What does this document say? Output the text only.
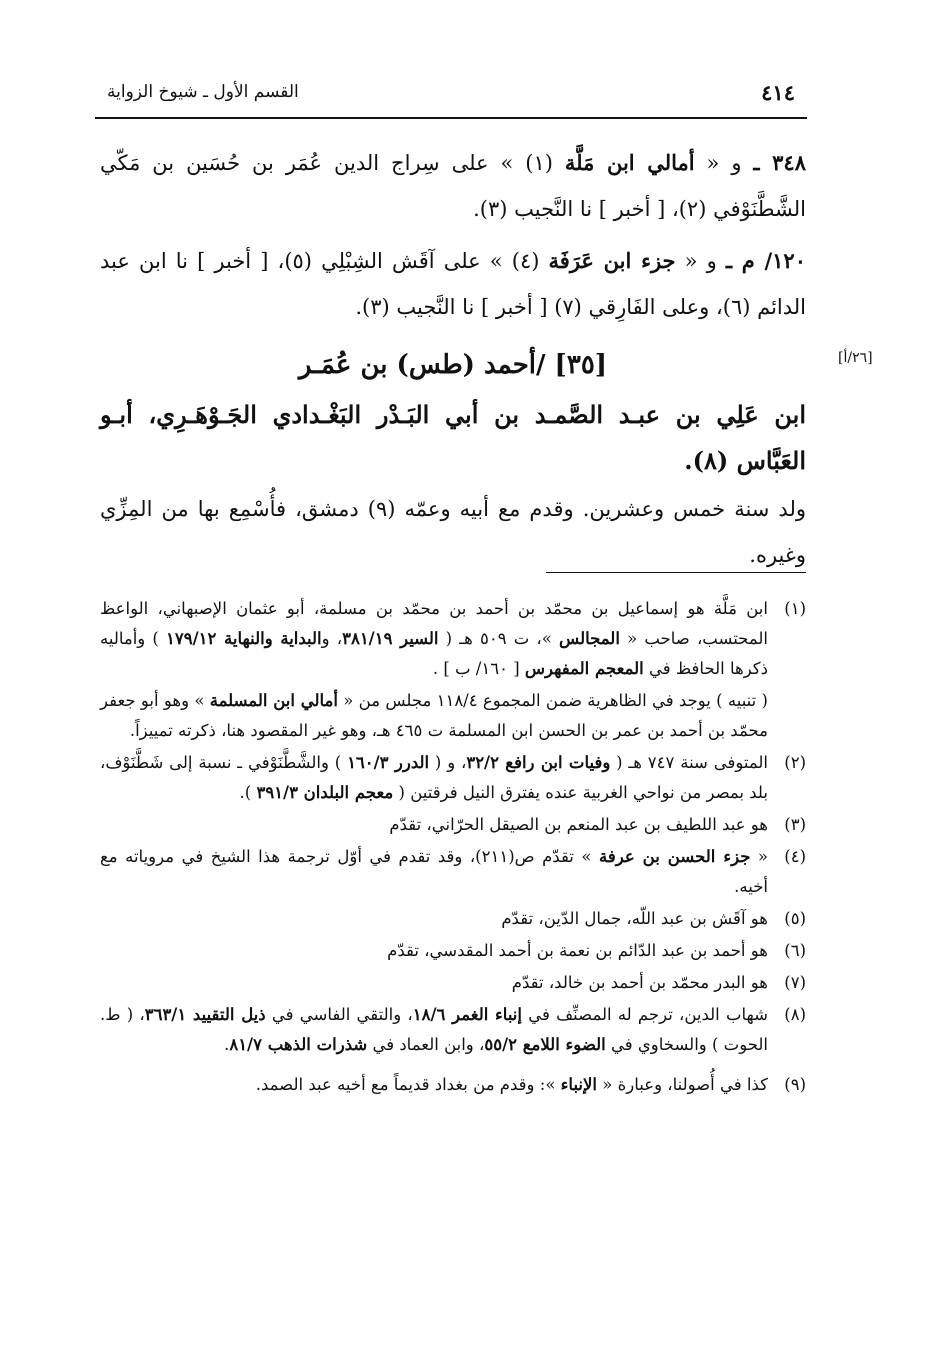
٤١٤
القسم الأول ـ شيوخ الزواية
٣٤٨ ـ و « أمالي ابن مَلَّة (١) » على سِراج الدين عُمَر بن حُسَين بن مَكّي الشَّطَّنَوْفي (٢)، [ أخبر ] نا النَّجيب (٣).
١٢٠/ م ـ و « جزء ابن عَرَفَة (٤) » على آقَش الشِبْلِي (٥)، [ أخبر ] نا ابن عبد الدائم (٦)، وعلى الفَارِقي (٧) [ أخبر ] نا النَّجيب (٣).
[٢٦/أ]
[٣٥] /أحمد (طس) بن عُمَـر
ابن عَلِي بن عبـد الصَّمـد بن أبي البَـدْر البَغْـدادي الجَـوْهَـرِي، أبـو العَبَّاس (٨).
ولد سنة خمس وعشرين. وقدم مع أبيه وعمّه (٩) دمشق، فأُسْمِع بها من المِزِّي وغيره.
(١)
ابن مَلَّة هو إسماعيل بن محمّد بن أحمد بن محمّد بن مسلمة، أبو عثمان الإصبهاني، الواعظ المحتسب، صاحب « المجالس »، ت ٥٠٩ هـ ( السير ٣٨١/١٩، والبداية والنهاية ١٧٩/١٢ ) وأماليه ذكرها الحافظ في المعجم المفهرس [ ١٦٠/ ب ] .
( تنبيه ) يوجد في الظاهرية ضمن المجموع ١١٨/٤ مجلس من « أمالي ابن المسلمة » وهو أبو جعفر محمّد بن أحمد بن عمر بن الحسن ابن المسلمة ت ٤٦٥ هـ، وهو غير المقصود هنا، ذكرته تمييزاً.
(٢)
المتوفى سنة ٧٤٧ هـ ( وفيات ابن رافع ٣٢/٢، و ( الدرر ١٦٠/٣ ) والشَّطَّنَوْفي ـ نسبة إلى شَطَّنَوْف، بلد بمصر من نواحي الغربية عنده يفترق النيل فرقتين ( معجم البلدان ٣٩١/٣ ).
(٣)
هو عبد اللطيف بن عبد المنعم بن الصيقل الحرّاني، تقدّم
(٤)
« جزء الحسن بن عرفة » تقدّم ص(٢١١)، وقد تقدم في أوّل ترجمة هذا الشيخ في مروياته مع أخيه.
(٥)
هو آقَش بن عبد اللّه، جمال الدّين، تقدّم
(٦)
هو أحمد بن عبد الدّائم بن نعمة بن أحمد المقدسي، تقدّم
(٧)
هو البدر محمّد بن أحمد بن خالد، تقدّم
(٨)
شهاب الدين، ترجم له المصنِّف في إنباء الغمر ١٨/٦، والتقي الفاسي في ذيل التقييد ٣٦٣/١، ( ط. الحوت ) والسخاوي في الضوء اللامع ٥٥/٢، وابن العماد في شذرات الذهب ٨١/٧.
(٩)
كذا في أُصولنا، وعبارة « الإنباء »: وقدم من بغداد قديماً مع أخيه عبد الصمد.
